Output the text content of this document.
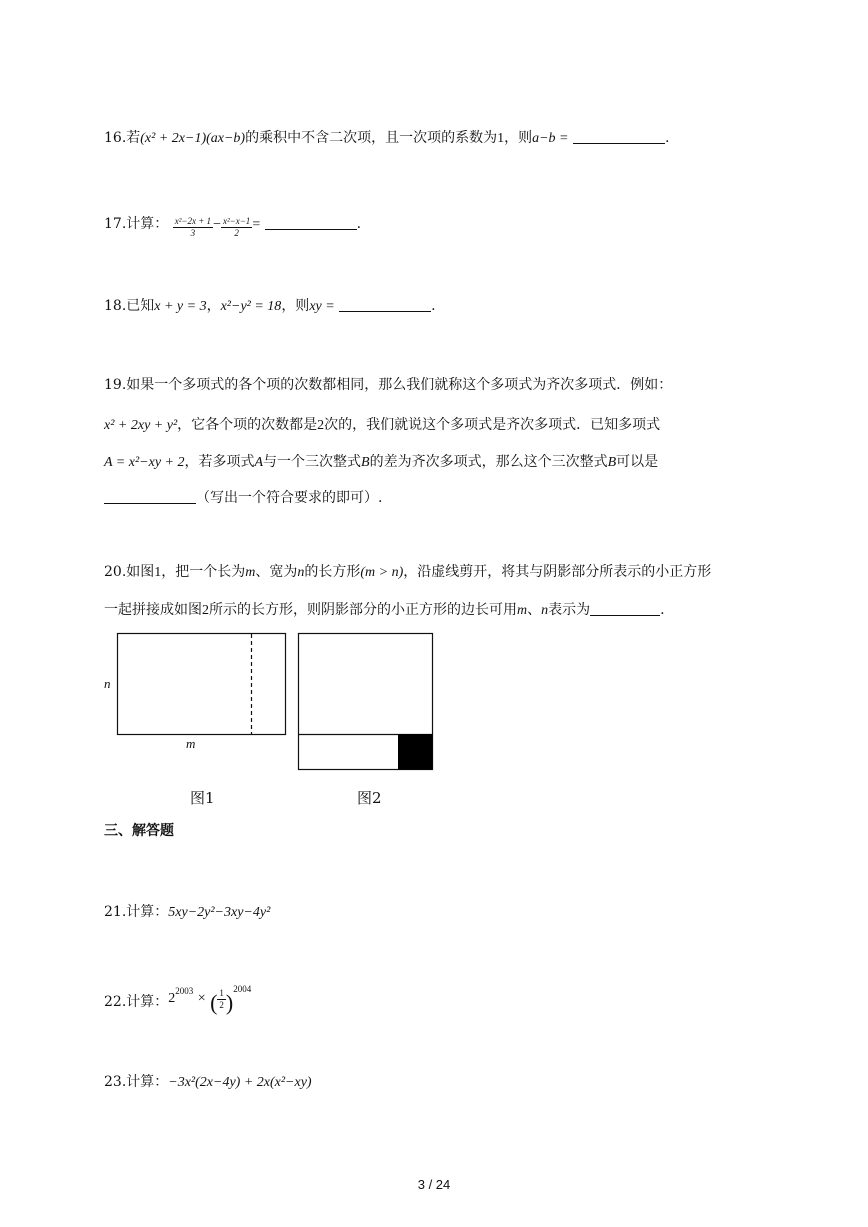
16.若(x² + 2x−1)(ax−b)的乘积中不含二次项，且一次项的系数为1，则a−b =	.
17.计算： $\frac{\text{x²−2x + 1}}{3} - \frac{\text{x²−x−1}}{2}$ =	.
18.已知x + y = 3，x²−y² = 18，则xy =	.
19.如果一个多项式的各个项的次数都相同，那么我们就称这个多项式为齐次多项式．例如：
x² + 2xy + y²，它各个项的次数都是2次的，我们就说这个多项式是齐次多项式．已知多项式
A = x²−xy + 2，若多项式A与一个三次整式B的差为齐次多项式，那么这个三次整式B可以是
（写出一个符合要求的即可）.
20.如图1，把一个长为m、宽为n的长方形(m > n)，沿虚线剪开，将其与阴影部分所表示的小正方形
一起拼接成如图2所示的长方形，则阴影部分的小正方形的边长可用m、n表示为	.
n
m
图1	图2
三、解答题
21.计算：5xy−2y²−3xy−4y²
22.计算：$2^{2003}$ × ( $\frac{1}{2} )^{2004}$
23.计算：−3x²(2x−4y) + 2x(x²−xy)
3 / 24
